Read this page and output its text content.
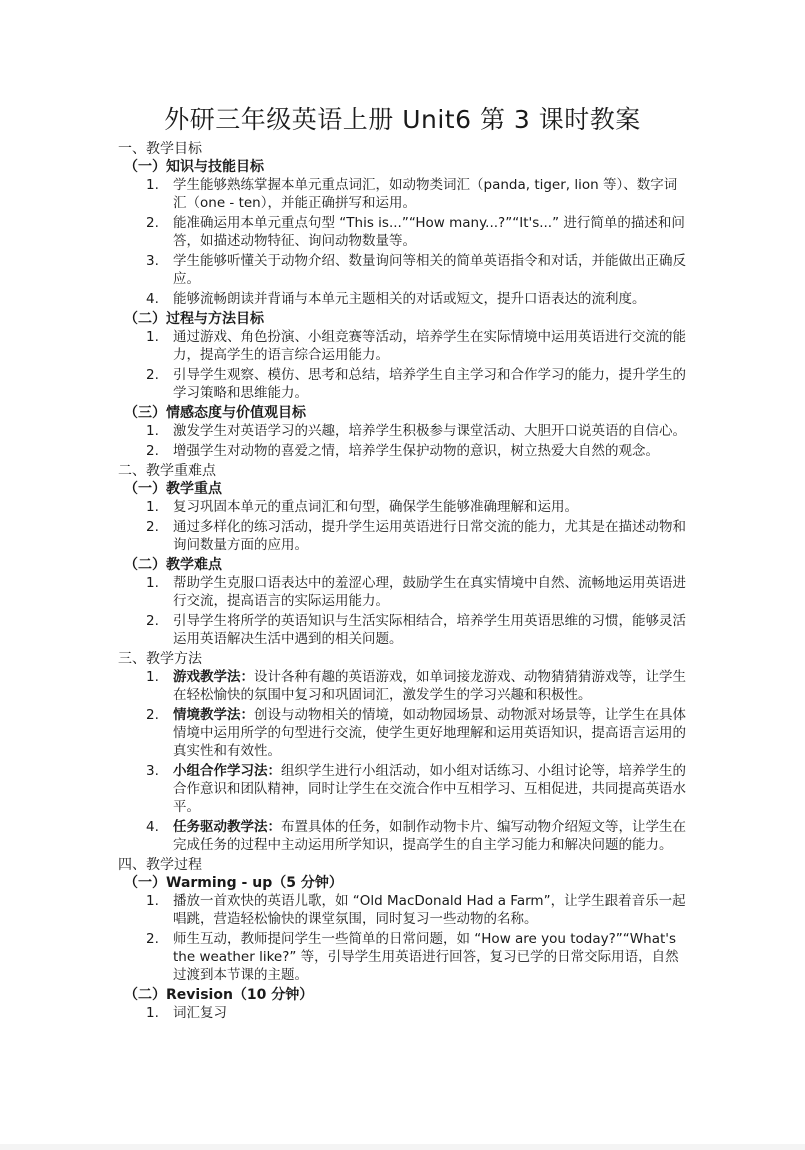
外研三年级英语上册 Unit6 第 3 课时教案
一、教学目标
（一）知识与技能目标
1. 学生能够熟练掌握本单元重点词汇，如动物类词汇（panda, tiger, lion 等）、数字词汇（one - ten），并能正确拼写和运用。
2. 能准确运用本单元重点句型 “This is...”“How many...?”“It's...” 进行简单的描述和问答，如描述动物特征、询问动物数量等。
3. 学生能够听懂关于动物介绍、数量询问等相关的简单英语指令和对话，并能做出正确反应。
4. 能够流畅朗读并背诵与本单元主题相关的对话或短文，提升口语表达的流利度。
（二）过程与方法目标
1. 通过游戏、角色扮演、小组竞赛等活动，培养学生在实际情境中运用英语进行交流的能力，提高学生的语言综合运用能力。
2. 引导学生观察、模仿、思考和总结，培养学生自主学习和合作学习的能力，提升学生的学习策略和思维能力。
（三）情感态度与价值观目标
1. 激发学生对英语学习的兴趣，培养学生积极参与课堂活动、大胆开口说英语的自信心。
2. 增强学生对动物的喜爱之情，培养学生保护动物的意识，树立热爱大自然的观念。
二、教学重难点
（一）教学重点
1. 复习巩固本单元的重点词汇和句型，确保学生能够准确理解和运用。
2. 通过多样化的练习活动，提升学生运用英语进行日常交流的能力，尤其是在描述动物和询问数量方面的应用。
（二）教学难点
1. 帮助学生克服口语表达中的羞涩心理，鼓励学生在真实情境中自然、流畅地运用英语进行交流，提高语言的实际运用能力。
2. 引导学生将所学的英语知识与生活实际相结合，培养学生用英语思维的习惯，能够灵活运用英语解决生活中遇到的相关问题。
三、教学方法
1. 游戏教学法：设计各种有趣的英语游戏，如单词接龙游戏、动物猜猜猜游戏等，让学生在轻松愉快的氛围中复习和巩固词汇，激发学生的学习兴趣和积极性。
2. 情境教学法：创设与动物相关的情境，如动物园场景、动物派对场景等，让学生在具体情境中运用所学的句型进行交流，使学生更好地理解和运用英语知识，提高语言运用的真实性和有效性。
3. 小组合作学习法：组织学生进行小组活动，如小组对话练习、小组讨论等，培养学生的合作意识和团队精神，同时让学生在交流合作中互相学习、互相促进，共同提高英语水平。
4. 任务驱动教学法：布置具体的任务，如制作动物卡片、编写动物介绍短文等，让学生在完成任务的过程中主动运用所学知识，提高学生的自主学习能力和解决问题的能力。
四、教学过程
（一）Warming - up（5 分钟）
1. 播放一首欢快的英语儿歌，如 “Old MacDonald Had a Farm”，让学生跟着音乐一起唱跳，营造轻松愉快的课堂氛围，同时复习一些动物的名称。
2. 师生互动，教师提问学生一些简单的日常问题，如 “How are you today?”“What's the weather like?” 等，引导学生用英语进行回答，复习已学的日常交际用语，自然过渡到本节课的主题。
（二）Revision（10 分钟）
1. 词汇复习
